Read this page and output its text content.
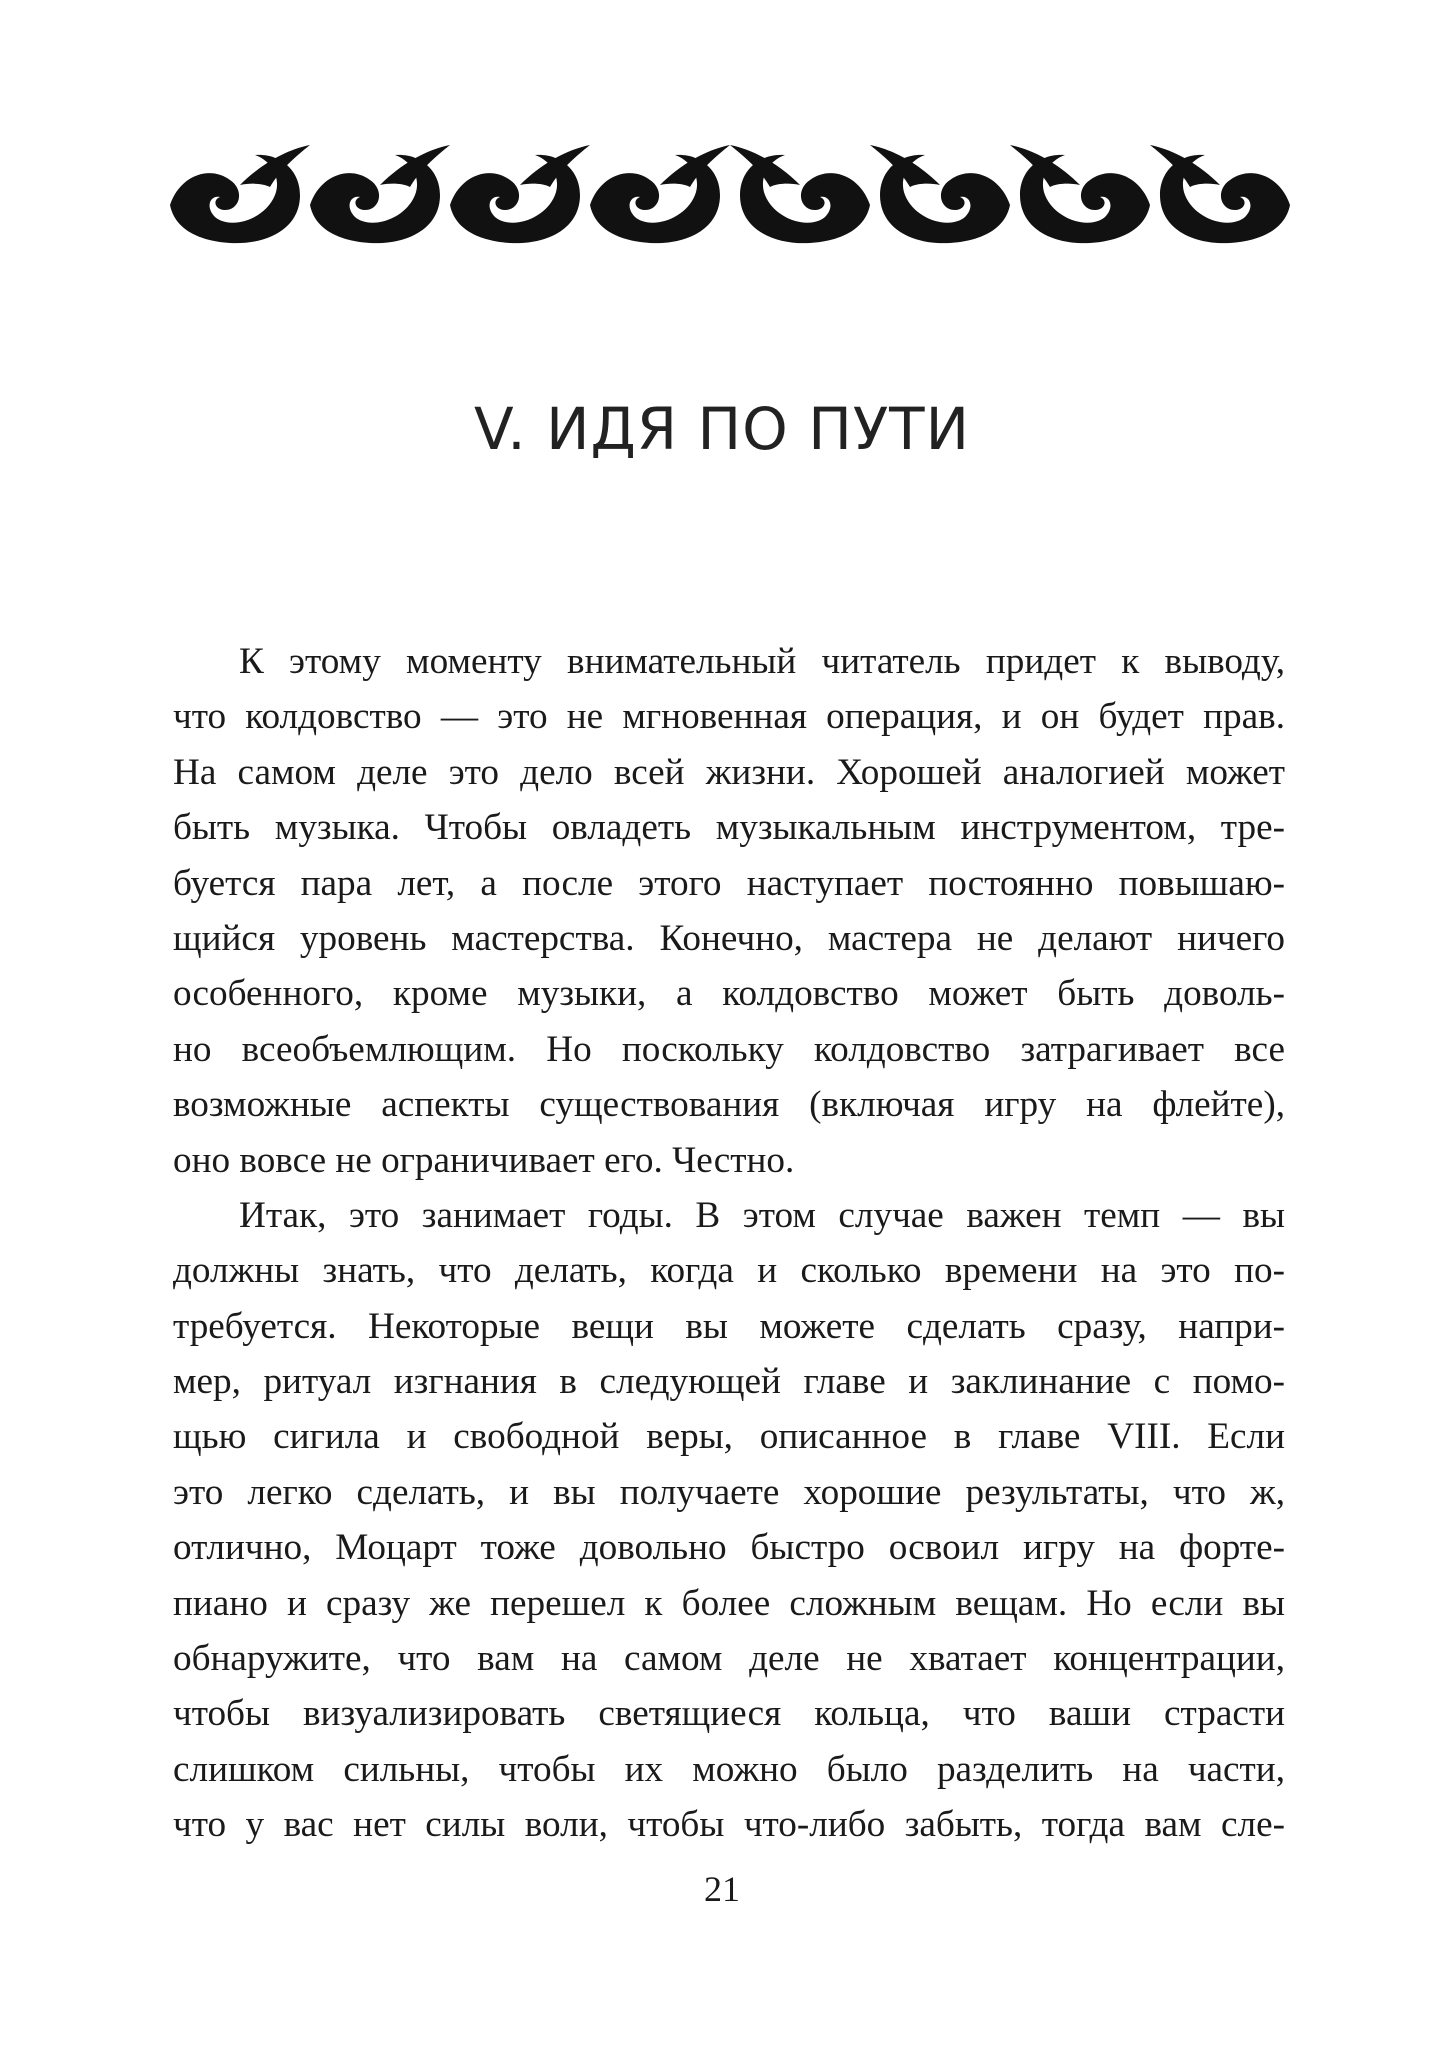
V. ИДЯ ПО ПУТИ
К этому моменту внимательный читатель придет к выводу,
что колдовство — это не мгновенная операция, и он будет прав.
На самом деле это дело всей жизни. Хорошей аналогией может
быть музыка. Чтобы овладеть музыкальным инструментом, тре-
буется пара лет, а после этого наступает постоянно повышаю-
щийся уровень мастерства. Конечно, мастера не делают ничего
особенного, кроме музыки, а колдовство может быть доволь-
но всеобъемлющим. Но поскольку колдовство затрагивает все
возможные аспекты существования (включая игру на флейте),
оно вовсе не ограничивает его. Честно.
Итак, это занимает годы. В этом случае важен темп — вы
должны знать, что делать, когда и сколько времени на это по-
требуется. Некоторые вещи вы можете сделать сразу, напри-
мер, ритуал изгнания в следующей главе и заклинание с помо-
щью сигила и свободной веры, описанное в главе VIII. Если
это легко сделать, и вы получаете хорошие результаты, что ж,
отлично, Моцарт тоже довольно быстро освоил игру на форте-
пиано и сразу же перешел к более сложным вещам. Но если вы
обнаружите, что вам на самом деле не хватает концентрации,
чтобы визуализировать светящиеся кольца, что ваши страсти
слишком сильны, чтобы их можно было разделить на части,
что у вас нет силы воли, чтобы что-либо забыть, тогда вам сле-
21
